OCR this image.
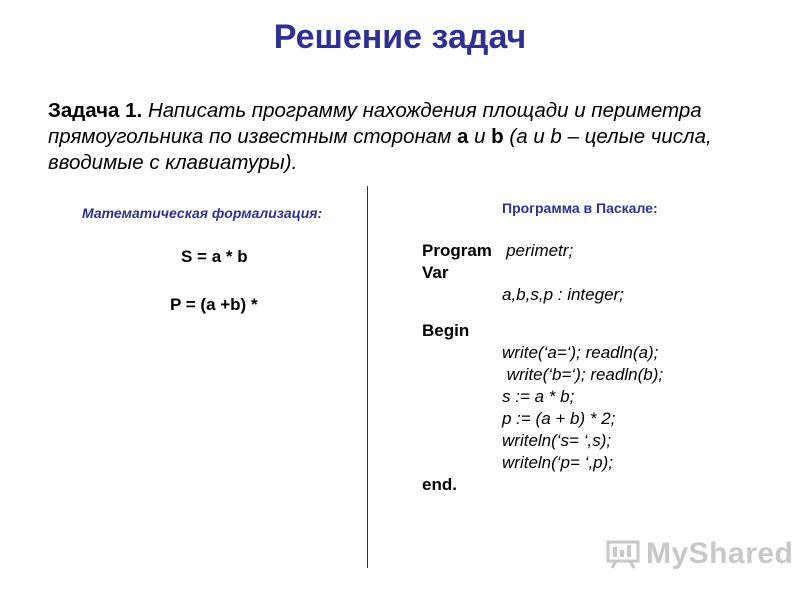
Решение задач
Задача 1. Написать программу нахождения площади и периметра прямоугольника по известным сторонам a и b (a и b – целые числа, вводимые с клавиатуры).
Математическая формализация:
S = a * b
P = (a +b) *
Программа в Паскале:
Program perimetr;
Var
a,b,s,p : integer;
Begin
write(‘a=‘); readln(a);
write(‘b=‘); readln(b);
s := a * b;
p := (a + b) * 2;
writeln(‘s= ‘,s);
writeln(‘p= ‘,p);
end.
MyShared
